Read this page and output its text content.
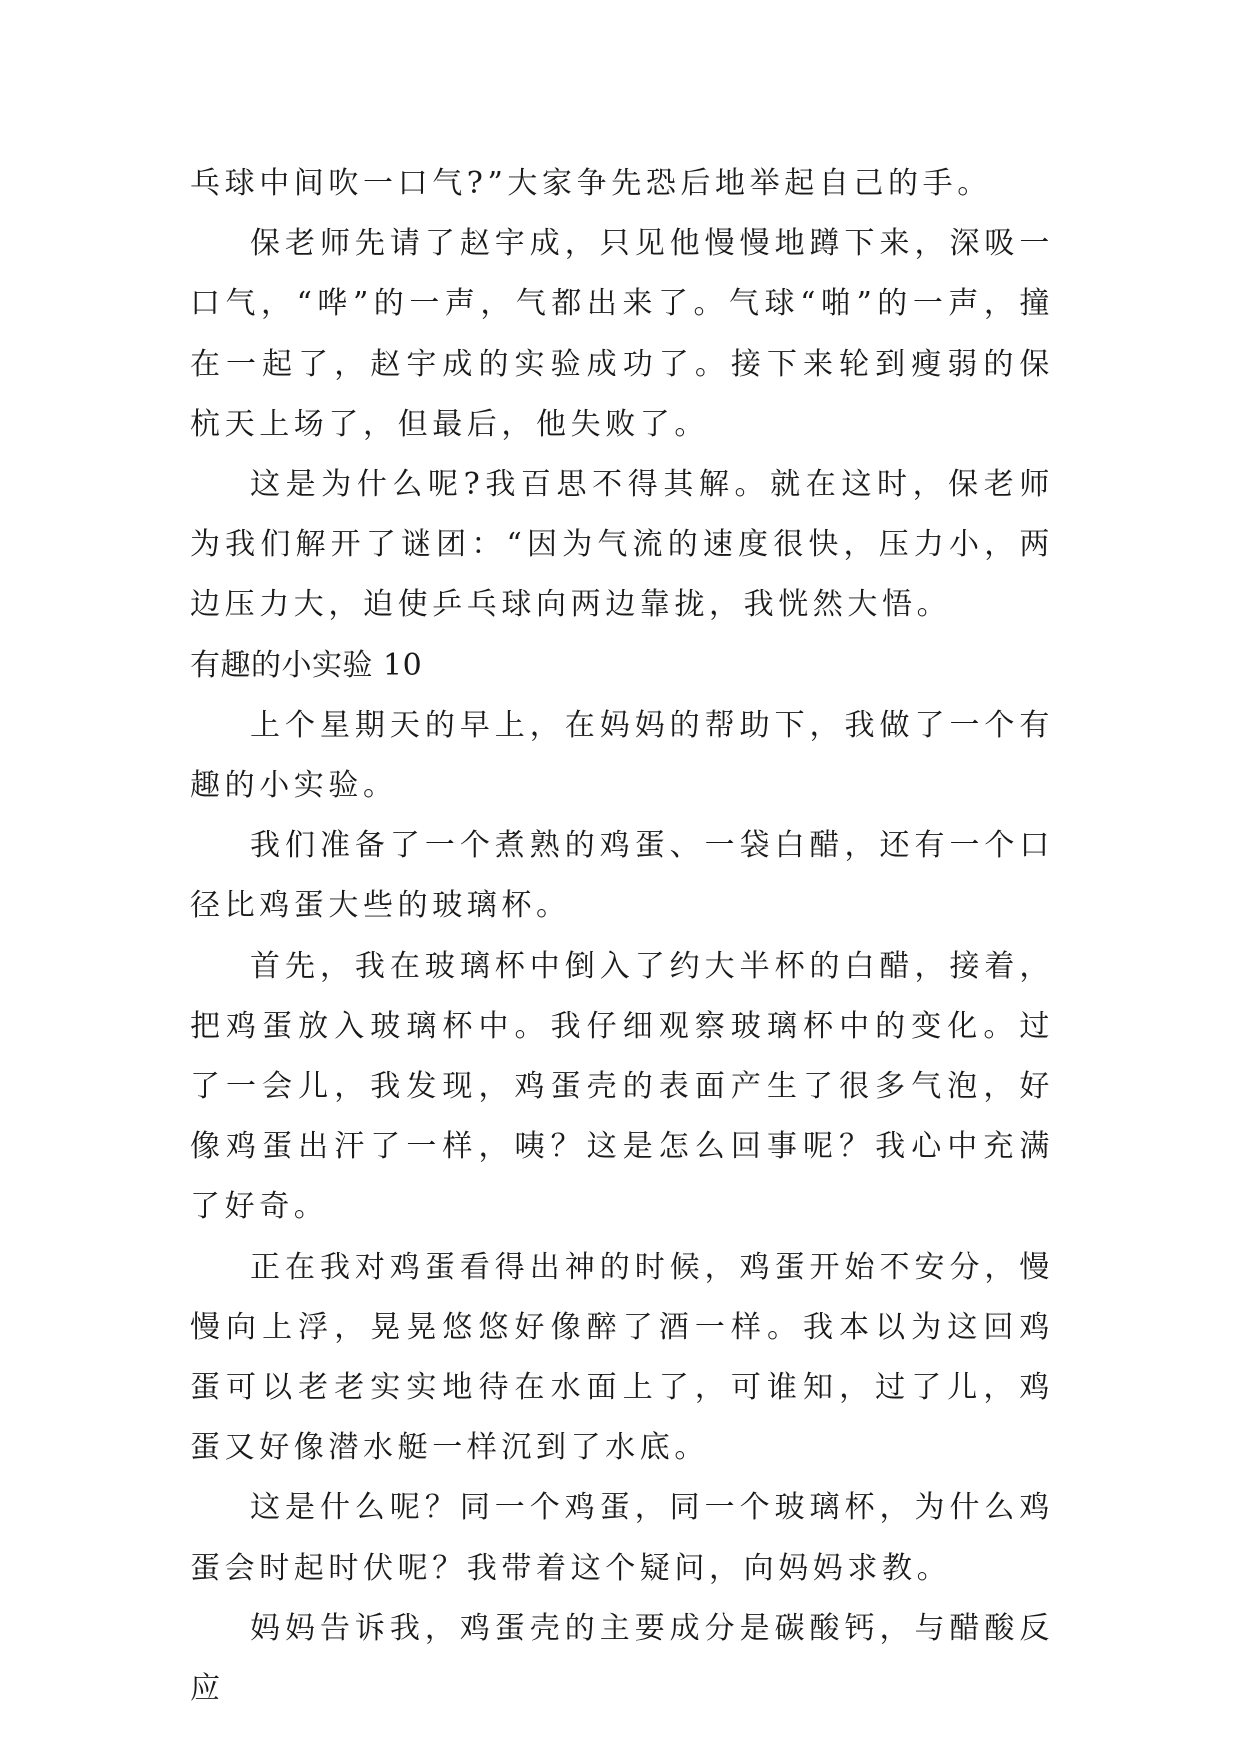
乓球中间吹一口气?”大家争先恐后地举起自己的手。

保老师先请了赵宇成，只见他慢慢地蹲下来，深吸一口气，“哗”的一声，气都出来了。气球“啪”的一声，撞在一起了，赵宇成的实验成功了。接下来轮到瘦弱的保杭天上场了，但最后，他失败了。

这是为什么呢?我百思不得其解。就在这时，保老师为我们解开了谜团：“因为气流的速度很快，压力小，两边压力大，迫使乒乓球向两边靠拢，我恍然大悟。

有趣的小实验 10

上个星期天的早上，在妈妈的帮助下，我做了一个有趣的小实验。

我们准备了一个煮熟的鸡蛋、一袋白醋，还有一个口径比鸡蛋大些的玻璃杯。

首先，我在玻璃杯中倒入了约大半杯的白醋，接着，把鸡蛋放入玻璃杯中。我仔细观察玻璃杯中的变化。过了一会儿，我发现，鸡蛋壳的表面产生了很多气泡，好像鸡蛋出汗了一样，咦？这是怎么回事呢？我心中充满了好奇。

正在我对鸡蛋看得出神的时候，鸡蛋开始不安分，慢慢向上浮，晃晃悠悠好像醉了酒一样。我本以为这回鸡蛋可以老老实实地待在水面上了，可谁知，过了儿，鸡蛋又好像潜水艇一样沉到了水底。

这是什么呢？同一个鸡蛋，同一个玻璃杯，为什么鸡蛋会时起时伏呢？我带着这个疑问，向妈妈求教。

妈妈告诉我，鸡蛋壳的主要成分是碳酸钙，与醋酸反应
